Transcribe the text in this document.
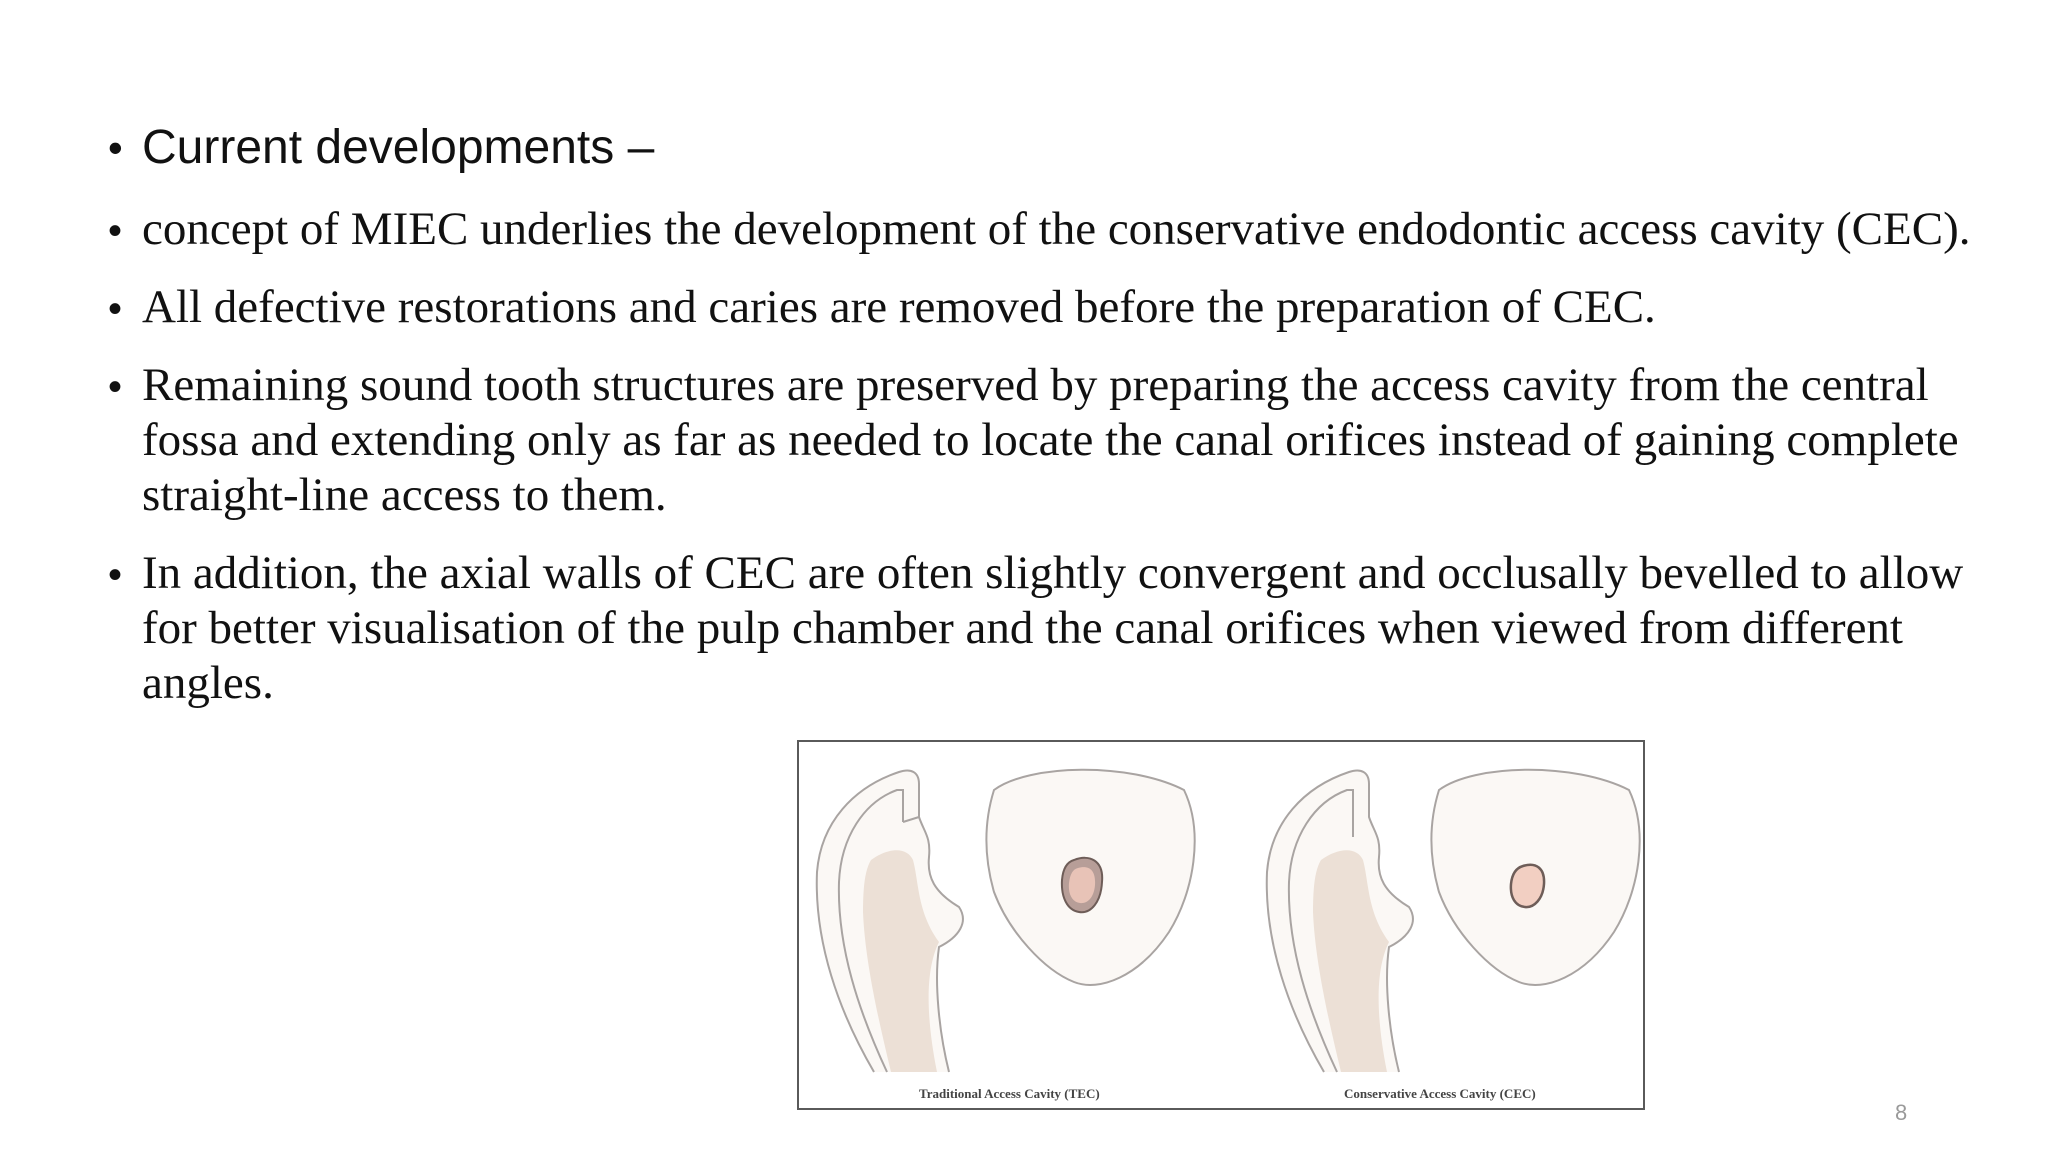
• Current developments –
• concept of MIEC underlies the development of the conservative endodontic access cavity (CEC).
• All defective restorations and caries are removed before the preparation of CEC.
• Remaining sound tooth structures are preserved by preparing the access cavity from the central fossa and extending only as far as needed to locate the canal orifices instead of gaining complete straight-line access to them.
• In addition, the axial walls of CEC are often slightly convergent and occlusally bevelled to allow for better visualisation of the pulp chamber and the canal orifices when viewed from different angles.
Traditional Access Cavity (TEC)	Conservative Access Cavity (CEC)
8
